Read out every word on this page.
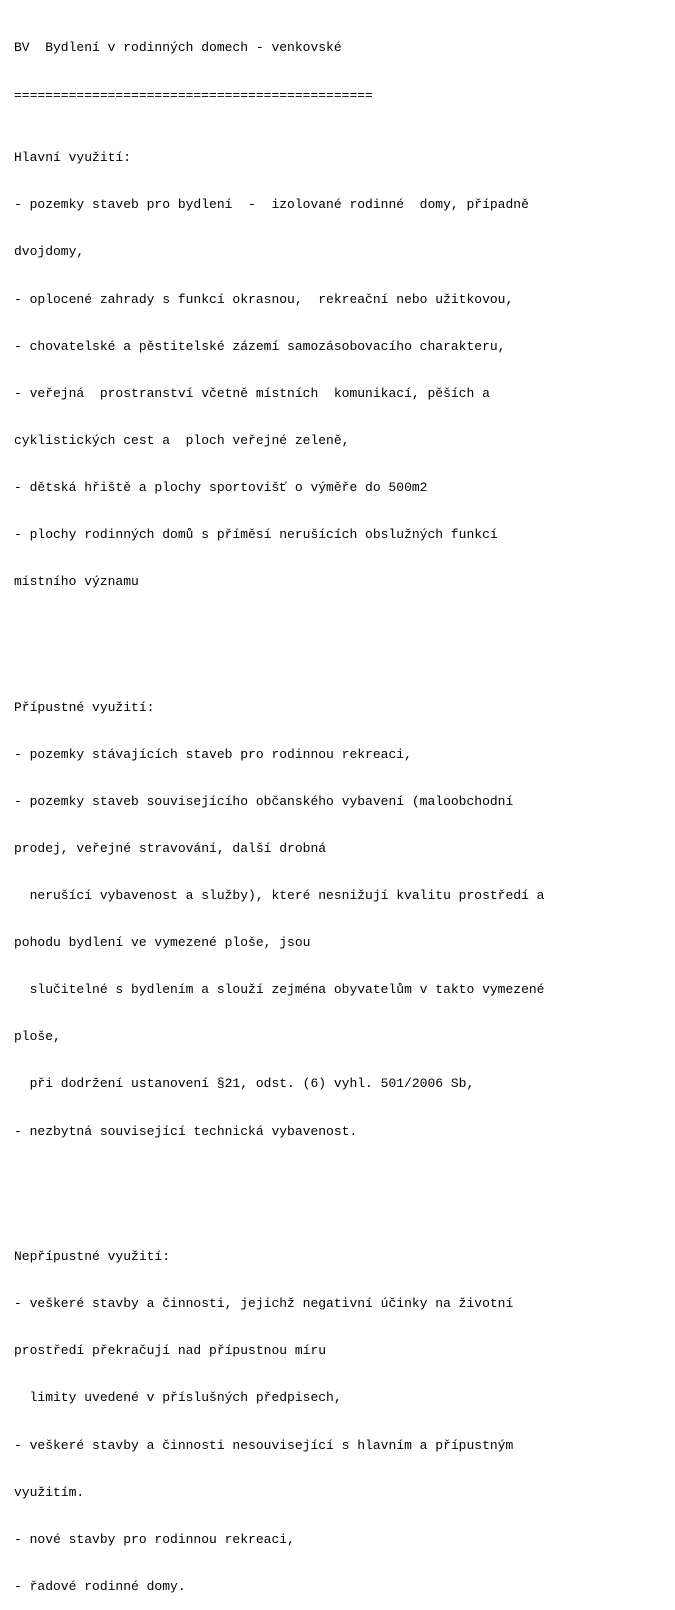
BV  Bydlení v rodinných domech - venkovské

==============================================

Hlavní využití:

- pozemky staveb pro bydlení  -  izolované rodinné  domy, případně

dvojdomy,

- oplocené zahrady s funkcí okrasnou,  rekreační nebo užitkovou,

- chovatelské a pěstitelské zázemí samozásobovacího charakteru,

- veřejná  prostranství včetně místních  komunikací, pěších a

cyklistických cest a  ploch veřejné zeleně,

- dětská hřiště a plochy sportovišť o výměře do 500m2

- plochy rodinných domů s příměsí nerušících obslužných funkcí

místního významu

Přípustné využití:

- pozemky stávajících staveb pro rodinnou rekreaci,

- pozemky staveb souvisejícího občanského vybavení (maloobchodní

prodej, veřejné stravování, další drobná

nerušící vybavenost a služby), které nesnižují kvalitu prostředí a

pohodu bydlení ve vymezené ploše, jsou

slučitelné s bydlením a slouží zejména obyvatelům v takto vymezené

ploše,

při dodržení ustanovení §21, odst. (6) vyhl. 501/2006 Sb,

- nezbytná související technická vybavenost.

Nepřípustné využití:

- veškeré stavby a činnosti, jejichž negativní účinky na životní

prostředí překračují nad přípustnou míru

limity uvedené v příslušných předpisech,

- veškeré stavby a činnosti nesouvisející s hlavním a přípustným

využitím.

- nové stavby pro rodinnou rekreaci,

- řadové rodinné domy.
